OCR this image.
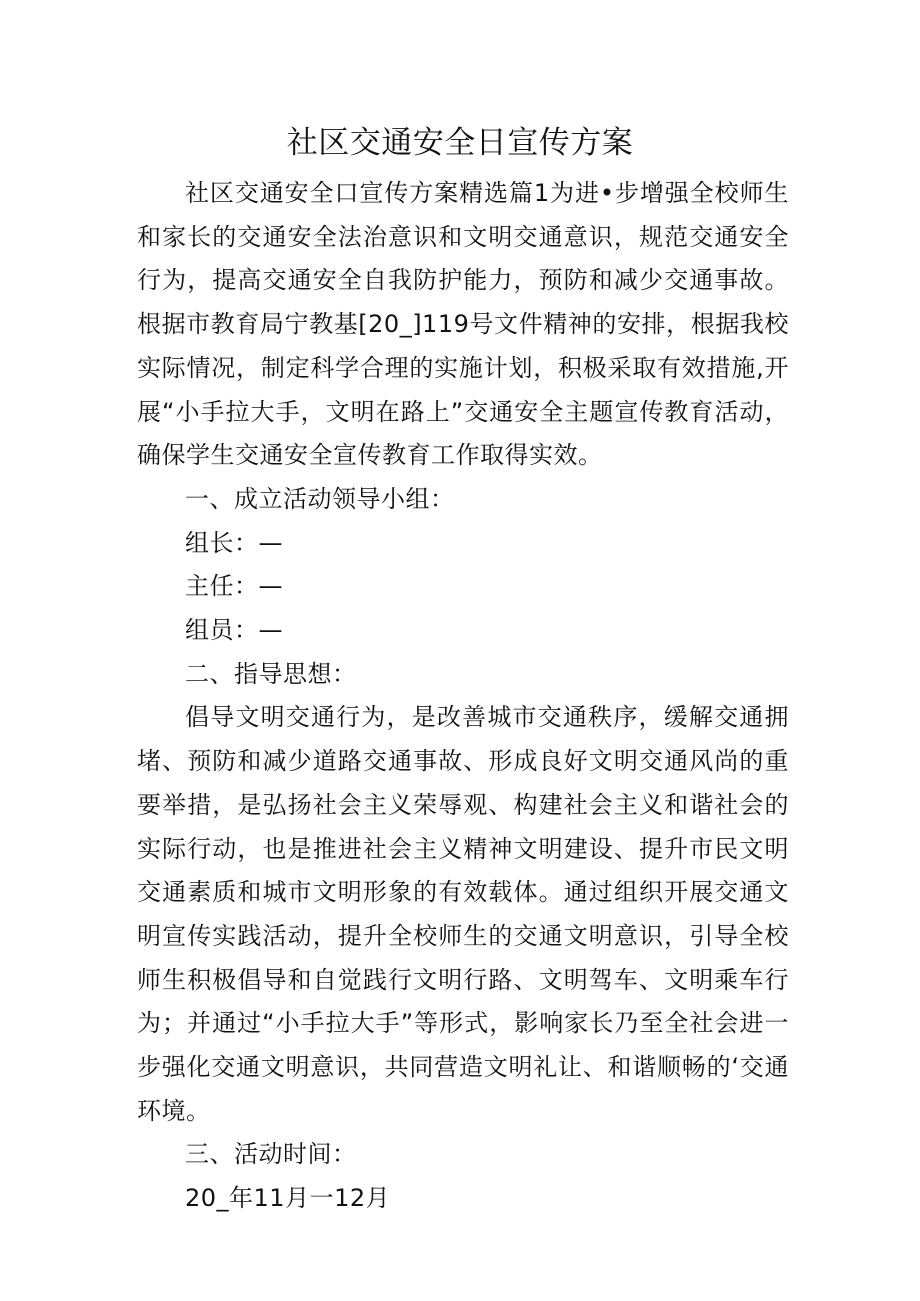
社区交通安全日宣传方案

社区交通安全口宣传方案精选篇1为进•步增强全校师生和家长的交通安全法治意识和文明交通意识，规范交通安全行为，提高交通安全自我防护能力，预防和减少交通事故。根据市教育局宁教基[20_]119号文件精神的安排，根据我校实际情况，制定科学合理的实施计划，积极采取有效措施,开展“小手拉大手，文明在路上”交通安全主题宣传教育活动，确保学生交通安全宣传教育工作取得实效。

一、成立活动领导小组：

组长：—

主任：—

组员：—

二、指导思想：

倡导文明交通行为，是改善城市交通秩序，缓解交通拥堵、预防和减少道路交通事故、形成良好文明交通风尚的重要举措，是弘扬社会主义荣辱观、构建社会主义和谐社会的实际行动，也是推进社会主义精神文明建设、提升市民文明交通素质和城市文明形象的有效载体。通过组织开展交通文明宣传实践活动，提升全校师生的交通文明意识，引导全校师生积极倡导和自觉践行文明行路、文明驾车、文明乘车行为；并通过“小手拉大手”等形式，影响家长乃至全社会进一步强化交通文明意识，共同营造文明礼让、和谐顺畅的‘交通环境。

三、活动时间：

20_年11月一12月
